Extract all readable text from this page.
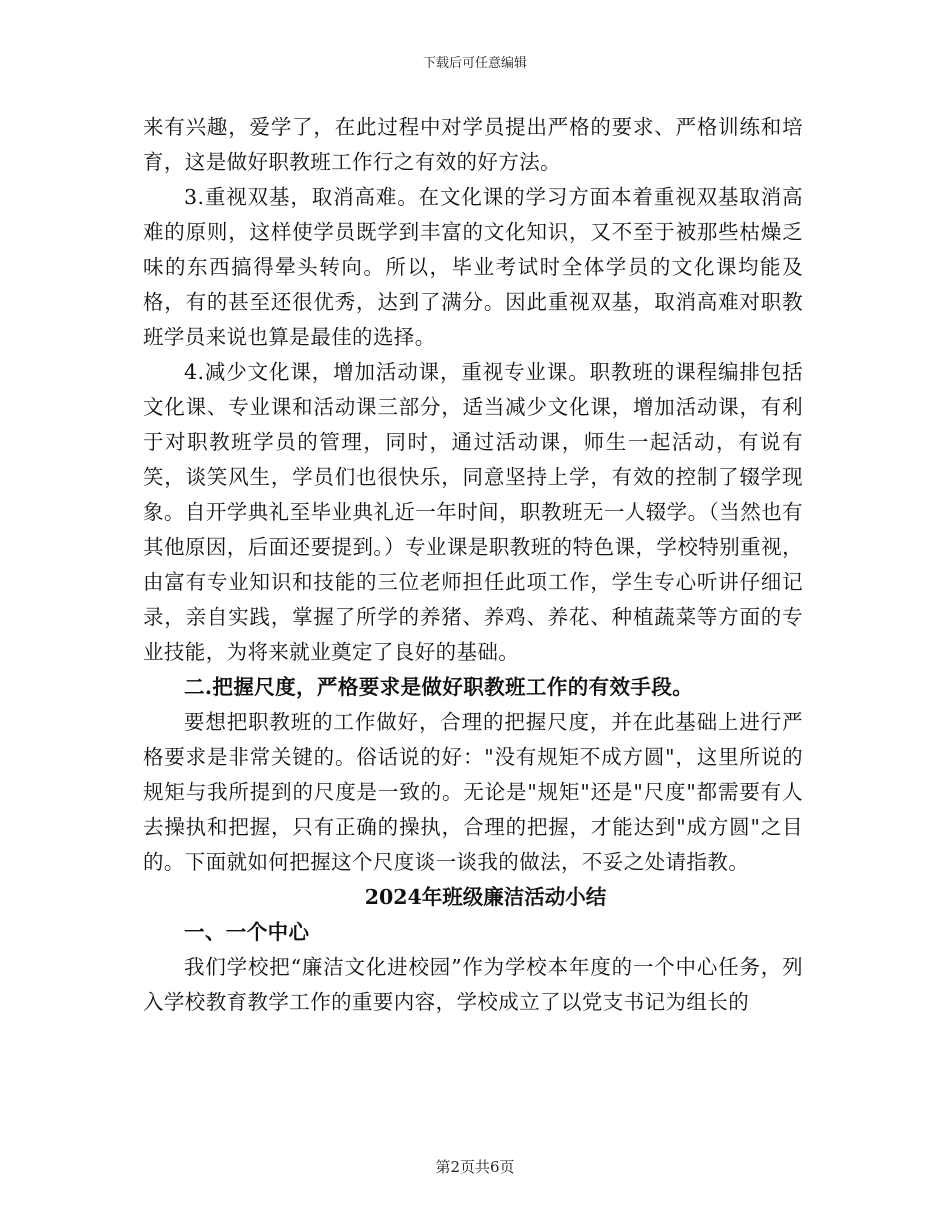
下载后可任意编辑

来有兴趣，爱学了，在此过程中对学员提出严格的要求、严格训练和培育，这是做好职教班工作行之有效的好方法。

3.重视双基，取消高难。在文化课的学习方面本着重视双基取消高难的原则，这样使学员既学到丰富的文化知识，又不至于被那些枯燥乏味的东西搞得晕头转向。所以，毕业考试时全体学员的文化课均能及格，有的甚至还很优秀，达到了满分。因此重视双基，取消高难对职教班学员来说也算是最佳的选择。

4.减少文化课，增加活动课，重视专业课。职教班的课程编排包括文化课、专业课和活动课三部分，适当减少文化课，增加活动课，有利于对职教班学员的管理，同时，通过活动课，师生一起活动，有说有笑，谈笑风生，学员们也很快乐，同意坚持上学，有效的控制了辍学现象。自开学典礼至毕业典礼近一年时间，职教班无一人辍学。（当然也有其他原因，后面还要提到。）专业课是职教班的特色课，学校特别重视，由富有专业知识和技能的三位老师担任此项工作，学生专心听讲仔细记录，亲自实践，掌握了所学的养猪、养鸡、养花、种植蔬菜等方面的专业技能，为将来就业奠定了良好的基础。

二.把握尺度，严格要求是做好职教班工作的有效手段。

要想把职教班的工作做好，合理的把握尺度，并在此基础上进行严格要求是非常关键的。俗话说的好："没有规矩不成方圆"，这里所说的规矩与我所提到的尺度是一致的。无论是"规矩"还是"尺度"都需要有人去操执和把握，只有正确的操执，合理的把握，才能达到"成方圆"之目的。下面就如何把握这个尺度谈一谈我的做法，不妥之处请指教。

2024年班级廉洁活动小结

一、一个中心

我们学校把“廉洁文化进校园”作为学校本年度的一个中心任务，列入学校教育教学工作的重要内容，学校成立了以党支书记为组长的

第2页共6页
